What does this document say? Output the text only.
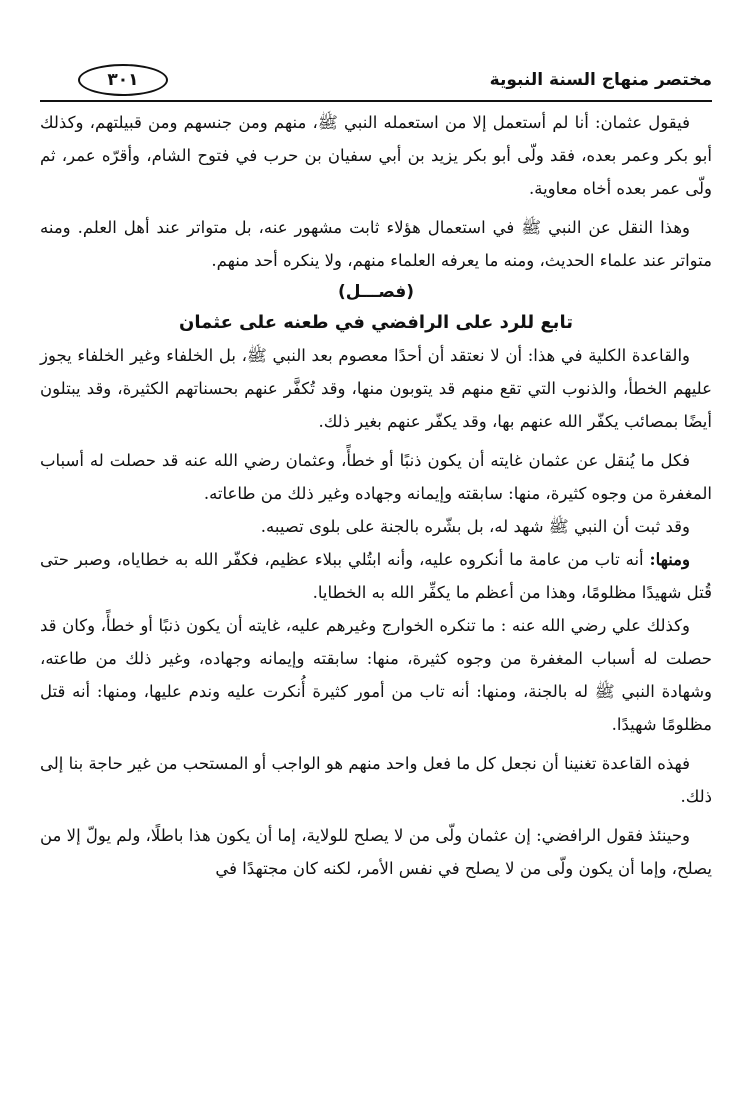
مختصر منهاج السنة النبوية
٣٠١

فيقول عثمان: أنا لم أستعمل إلا من استعمله النبي ﷺ، منهم ومن جنسهم ومن قبيلتهم، وكذلك أبو بكر وعمر بعده، فقد ولّى أبو بكر يزيد بن أبي سفيان بن حرب في فتوح الشام، وأقرّه عمر، ثم ولّى عمر بعده أخاه معاوية.

وهذا النقل عن النبي ﷺ في استعمال هؤلاء ثابت مشهور عنه، بل متواتر عند أهل العلم. ومنه متواتر عند علماء الحديث، ومنه ما يعرفه العلماء منهم، ولا ينكره أحد منهم.

(فصـــل)

تابع للرد على الرافضي في طعنه على عثمان

والقاعدة الكلية في هذا: أن لا نعتقد أن أحدًا معصوم بعد النبي ﷺ، بل الخلفاء وغير الخلفاء يجوز عليهم الخطأ، والذنوب التي تقع منهم قد يتوبون منها، وقد تُكفَّر عنهم بحسناتهم الكثيرة، وقد يبتلون أيضًا بمصائب يكفّر الله عنهم بها، وقد يكفّر عنهم بغير ذلك.

فكل ما يُنقل عن عثمان غايته أن يكون ذنبًا أو خطأً، وعثمان رضي الله عنه قد حصلت له أسباب المغفرة من وجوه كثيرة، منها: سابقته وإيمانه وجهاده وغير ذلك من طاعاته.

وقد ثبت أن النبي ﷺ شهد له، بل بشّره بالجنة على بلوى تصيبه.

ومنها: أنه تاب من عامة ما أنكروه عليه، وأنه ابتُلي ببلاء عظيم، فكفّر الله به خطاياه، وصبر حتى قُتل شهيدًا مظلومًا، وهذا من أعظم ما يكفِّر الله به الخطايا.

وكذلك علي رضي الله عنه : ما تنكره الخوارج وغيرهم عليه، غايته أن يكون ذنبًا أو خطأً، وكان قد حصلت له أسباب المغفرة من وجوه كثيرة، منها: سابقته وإيمانه وجهاده، وغير ذلك من طاعته، وشهادة النبي ﷺ له بالجنة، ومنها: أنه تاب من أمور كثيرة أُنكرت عليه وندم عليها، ومنها: أنه قتل مظلومًا شهيدًا.

فهذه القاعدة تغنينا أن نجعل كل ما فعل واحد منهم هو الواجب أو المستحب من غير حاجة بنا إلى ذلك.

وحينئذ فقول الرافضي: إن عثمان ولّى من لا يصلح للولاية، إما أن يكون هذا باطلًا، ولم يولّ إلا من يصلح، وإما أن يكون ولّى من لا يصلح في نفس الأمر، لكنه كان مجتهدًا في
